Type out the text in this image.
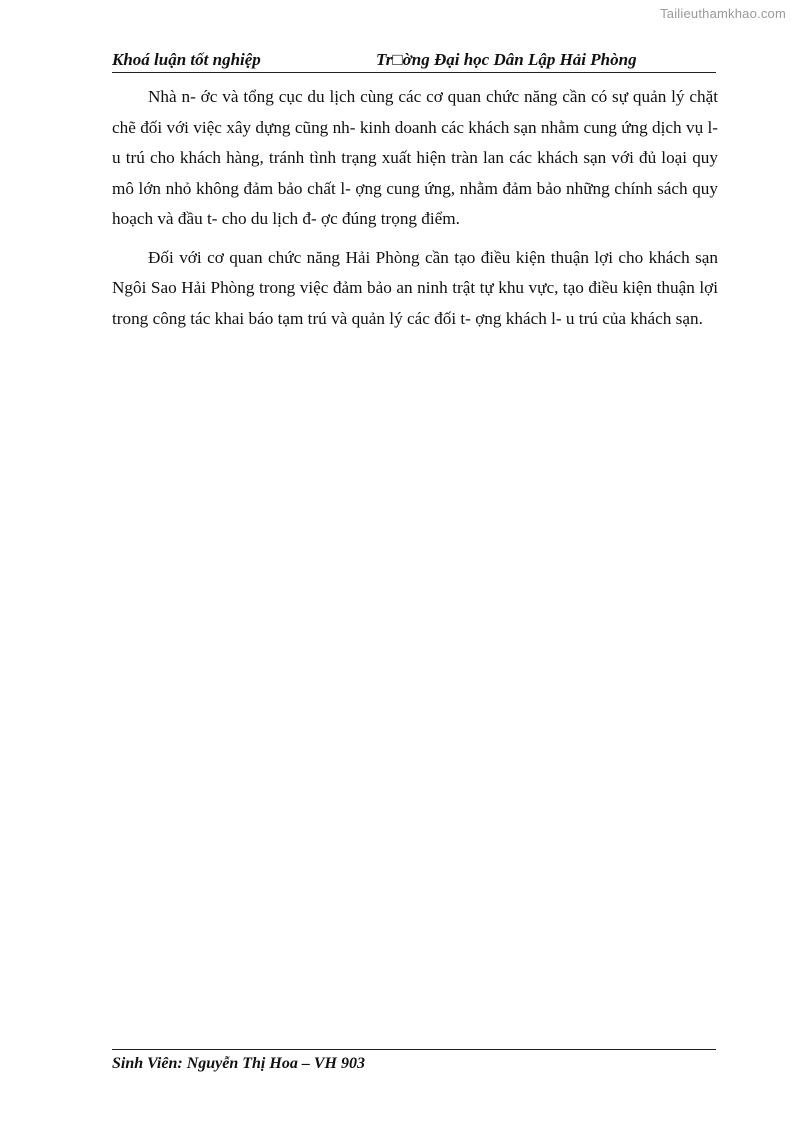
Tailieuthamkhao.com
Khoá luận tốt nghiệp	Tr□ờng Đại học Dân Lập Hải Phòng

Nhà n- ớc và tổng cục du lịch cùng các cơ quan chức năng cần có sự quản lý chặt chẽ đối với việc xây dựng cũng nh- kinh doanh các khách sạn nhằm cung ứng dịch vụ l- u trú cho khách hàng, tránh tình trạng xuất hiện tràn lan các khách sạn với đủ loại quy mô lớn nhỏ không đảm bảo chất l- ợng cung ứng, nhằm đảm bảo những chính sách quy hoạch và đầu t- cho du lịch đ- ợc đúng trọng điểm.

Đối với cơ quan chức năng Hải Phòng cần tạo điều kiện thuận lợi cho khách sạn Ngôi Sao Hải Phòng trong việc đảm bảo an ninh trật tự khu vực, tạo điều kiện thuận lợi trong công tác khai báo tạm trú và quản lý các đối t- ợng khách l- u trú của khách sạn.

Sinh Viên: Nguyễn Thị Hoa – VH 903
